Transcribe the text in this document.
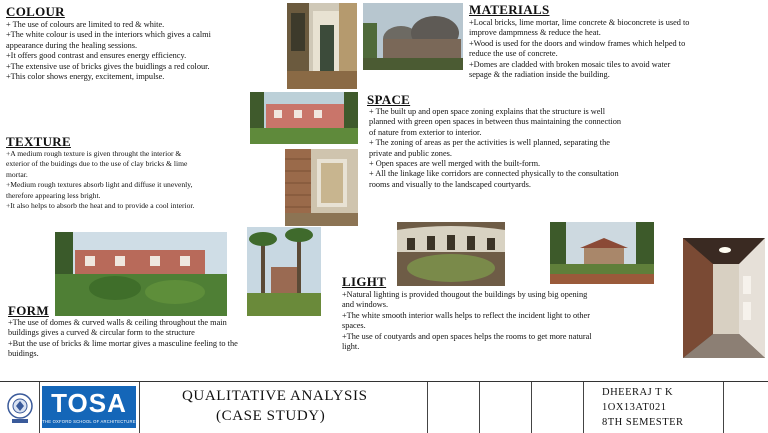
COLOUR

+ The use of colours are limited to red & white.
+The white colour is used in the interiors which gives a calmi
appearance during the healing sessions.
+It offers good contrast and ensures energy efficiency.
+The extensive use of bricks gives the buidlings a red colour.
+This color shows energy, excitement, impulse.

MATERIALS

+Local bricks, lime mortar, lime concrete & bioconcrete is used to
improve dampmness & reduce the heat.
+Wood is used for the doors and window frames which helped to
reduce the use of concrete.
+Domes are cladded with broken mosaic tiles to avoid water
sepage & the radiation inside the building.

SPACE

+ The built up and open space zoning explains that the structure is well
planned with green open spaces in between thus maintaining the connection
of nature from exterior to interior.
+ The zoning of areas as per the activities is well planned, separating the
private and public zones.
+ Open spaces are well merged with the built-form.
+ All the linkage like corridors are connected physically to the consultation
rooms and visually to the landscaped courtyards.

TEXTURE

+A medium rough texture is given throught the interior &
exterior of the buidings due to the use of clay bricks & lime
mortar.
+Medium rough textures absorb light and diffuse it unevenly,
therefore appearing less bright.
+It also helps to absorb the heat and to provide a cool interior.

FORM

+The use of domes & curved walls & ceiling throughout the main
buildings gives a curved & circular form to the structure
+But the use of bricks & lime mortar gives a masculine feeling to the
buidings.

LIGHT

+Natural lighting is provided thougout the buildings by using big opening
and windows.
+The white smooth interior walls helps to reflect the incident light to other
spaces.
+The use of coutyards and open spaces helps the rooms to get more natural
light.

TOSA
THE OXFORD SCHOOL OF ARCHITECTURE
QUALITATIVE ANALYSIS
(CASE STUDY)
DHEERAJ T K
1OX13AT021
8TH SEMESTER
